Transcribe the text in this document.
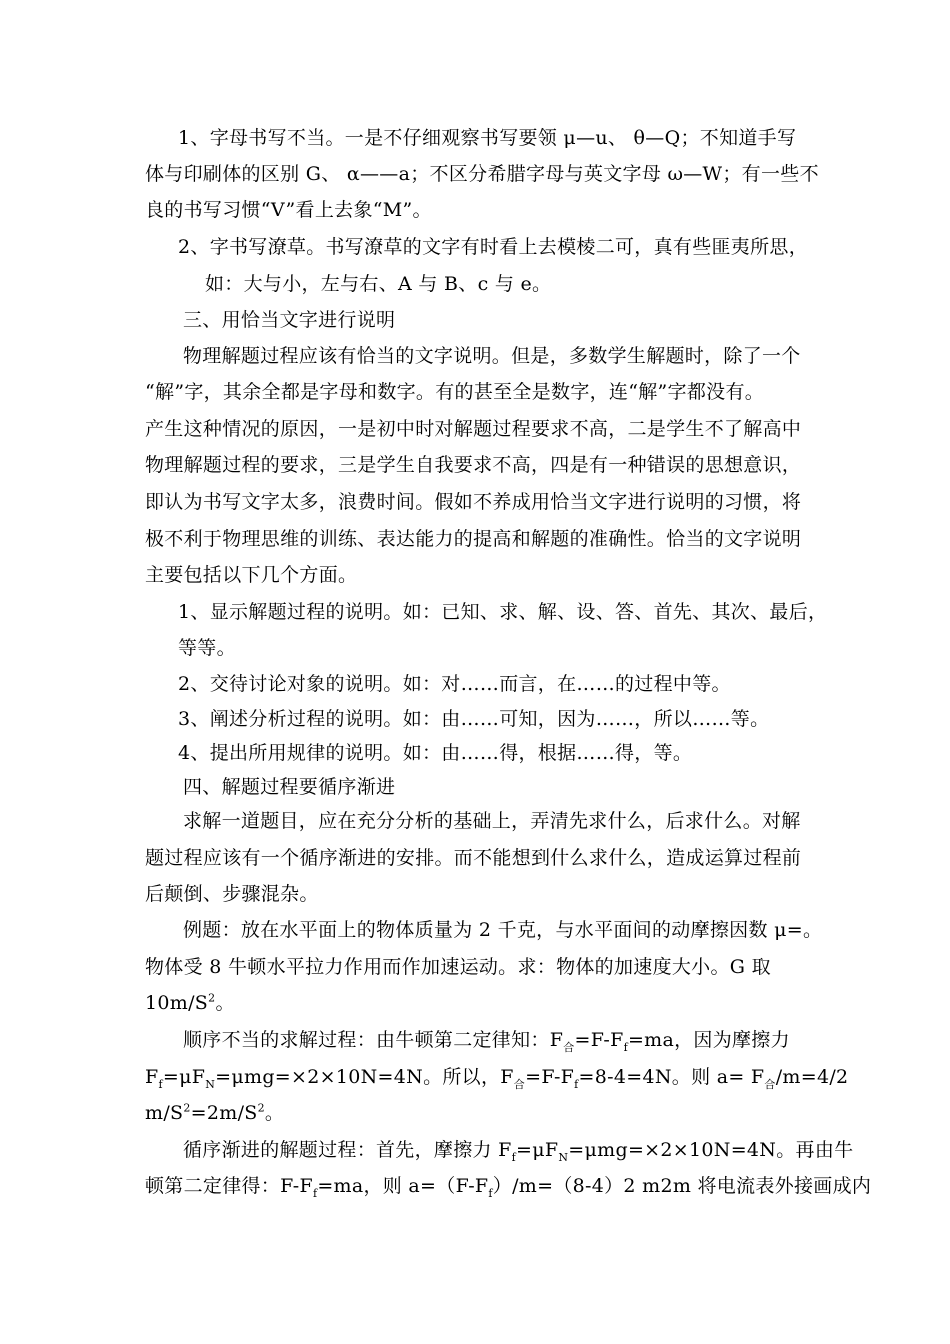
1、字母书写不当。一是不仔细观察书写要领 μ—u、 θ—Q；不知道手写
体与印刷体的区别 G、 α——a；不区分希腊字母与英文字母 ω—W；有一些不
良的书写习惯“V”看上去象“M”。
2、字书写潦草。书写潦草的文字有时看上去模棱二可，真有些匪夷所思，
如：大与小，左与右、A 与 B、c 与 e。
三、用恰当文字进行说明
物理解题过程应该有恰当的文字说明。但是，多数学生解题时，除了一个
“解”字，其余全都是字母和数字。有的甚至全是数字，连“解”字都没有。
产生这种情况的原因，一是初中时对解题过程要求不高，二是学生不了解高中
物理解题过程的要求，三是学生自我要求不高，四是有一种错误的思想意识，
即认为书写文字太多，浪费时间。假如不养成用恰当文字进行说明的习惯，将
极不利于物理思维的训练、表达能力的提高和解题的准确性。恰当的文字说明
主要包括以下几个方面。
1、显示解题过程的说明。如：已知、求、解、设、答、首先、其次、最后，
等等。
2、交待讨论对象的说明。如：对……而言，在……的过程中等。
3、阐述分析过程的说明。如：由……可知，因为……，所以……等。
4、提出所用规律的说明。如：由……得，根据……得，等。
四、解题过程要循序渐进
求解一道题目，应在充分分析的基础上，弄清先求什么，后求什么。对解
题过程应该有一个循序渐进的安排。而不能想到什么求什么，造成运算过程前
后颠倒、步骤混杂。
例题：放在水平面上的物体质量为 2 千克，与水平面间的动摩擦因数 μ=。
物体受 8 牛顿水平拉力作用而作加速运动。求：物体的加速度大小。G 取
$10m/S^2$。
顺序不当的求解过程：由牛顿第二定律知：$F_合=F-F_f=ma$，因为摩擦力
$F_f=\mu F_N=\mu mg=\times 2\times 10N=4N$。所以，$F_合=F-F_f=8-4=4N$。则 $a= F_合/m=4/2$
$m/S^2=2m/S^2$。
循序渐进的解题过程：首先，摩擦力 $F_f=\mu F_N=\mu mg=\times 2\times 10N=4N$。再由牛
顿第二定律得：$F-F_f=ma$，则 $a=(F-F_f)/m=(8-4)2$ m2m 将电流表外接画成内
